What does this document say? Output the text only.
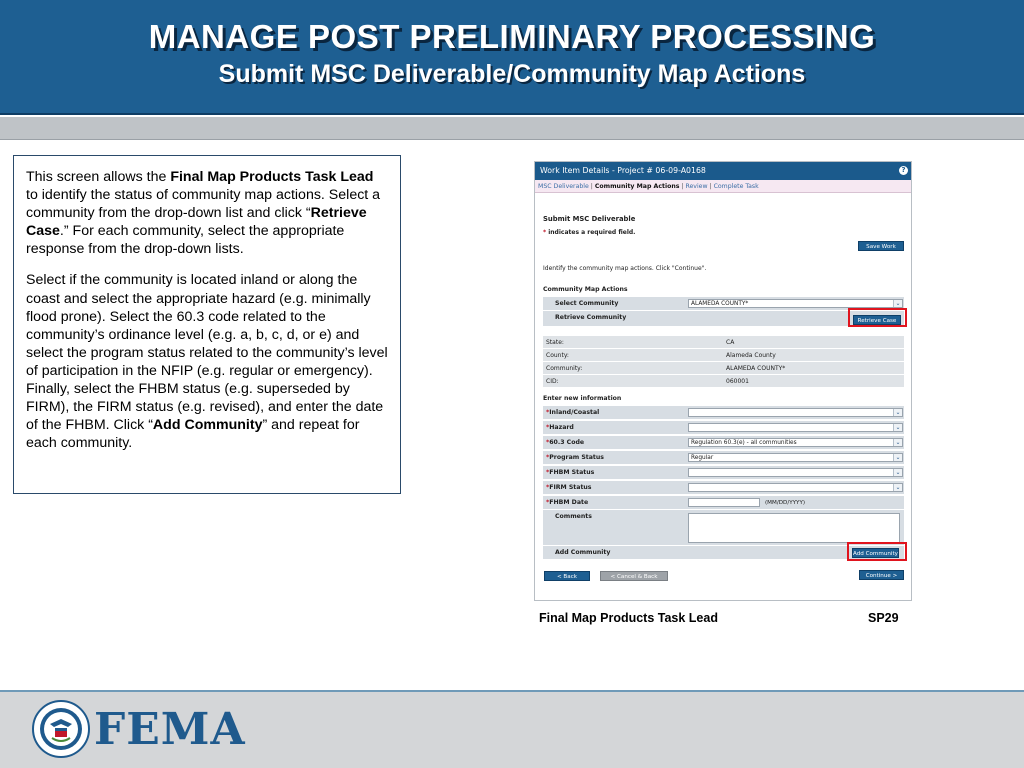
MANAGE POST PRELIMINARY PROCESSING
Submit MSC Deliverable/Community Map Actions

This screen allows the Final Map Products Task Lead to identify the status of community map actions. Select a community from the drop-down list and click “Retrieve Case.” For each community, select the appropriate response from the drop-down lists.

Select if the community is located inland or along the coast and select the appropriate hazard (e.g. minimally flood prone). Select the 60.3 code related to the community’s ordinance level (e.g. a, b, c, d, or e) and select the program status related to the community’s level of participation in the NFIP (e.g. regular or emergency). Finally, select the FHBM status (e.g. superseded by FIRM), the FIRM status (e.g. revised), and enter the date of the FHBM. Click “Add Community” and repeat for each community.

Work Item Details - Project # 06-09-A0168	?
MSC Deliverable | Community Map Actions | Review | Complete Task
Submit MSC Deliverable
* indicates a required field.
Save Work
Identify the community map actions. Click "Continue".
Community Map Actions
Select Community	ALAMEDA COUNTY*	⌄
Retrieve Community	Retrieve Case
State:	CA
County:	Alameda County
Community:	ALAMEDA COUNTY*
CID:	060001
Enter new information
*Inland/Coastal	⌄
*Hazard	⌄
*60.3 Code	Regulation 60.3(e) - all communities	⌄
*Program Status	Regular	⌄
*FHBM Status	⌄
*FIRM Status	⌄
*FHBM Date	(MM/DD/YYYY)
Comments
Add Community	Add Community
< Back	< Cancel & Back	Continue >
Final Map Products Task Lead	SP29
FEMA
